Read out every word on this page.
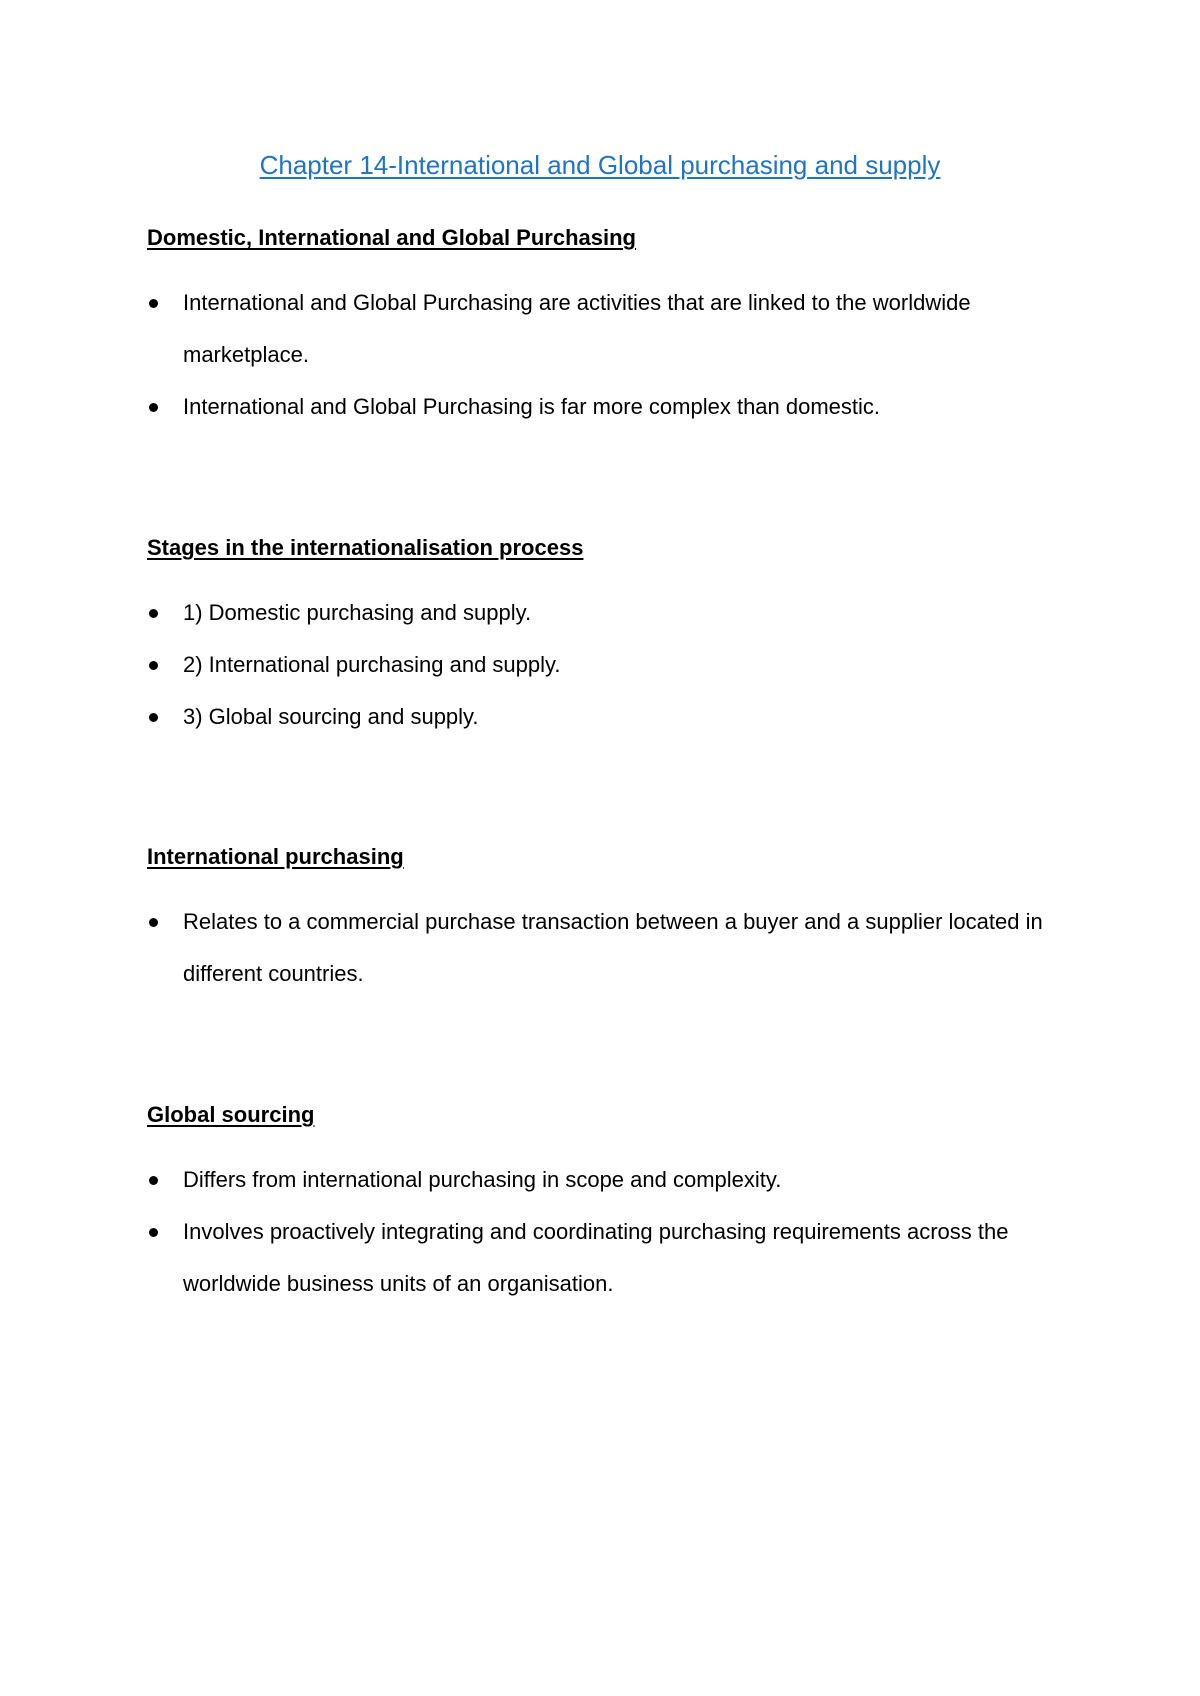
Chapter 14-International and Global purchasing and supply
Domestic, International and Global Purchasing
International and Global Purchasing are activities that are linked to the worldwide marketplace.
International and Global Purchasing is far more complex than domestic.
Stages in the internationalisation process
1) Domestic purchasing and supply.
2) International purchasing and supply.
3) Global sourcing and supply.
International purchasing
Relates to a commercial purchase transaction between a buyer and a supplier located in different countries.
Global sourcing
Differs from international purchasing in scope and complexity.
Involves proactively integrating and coordinating purchasing requirements across the worldwide business units of an organisation.
